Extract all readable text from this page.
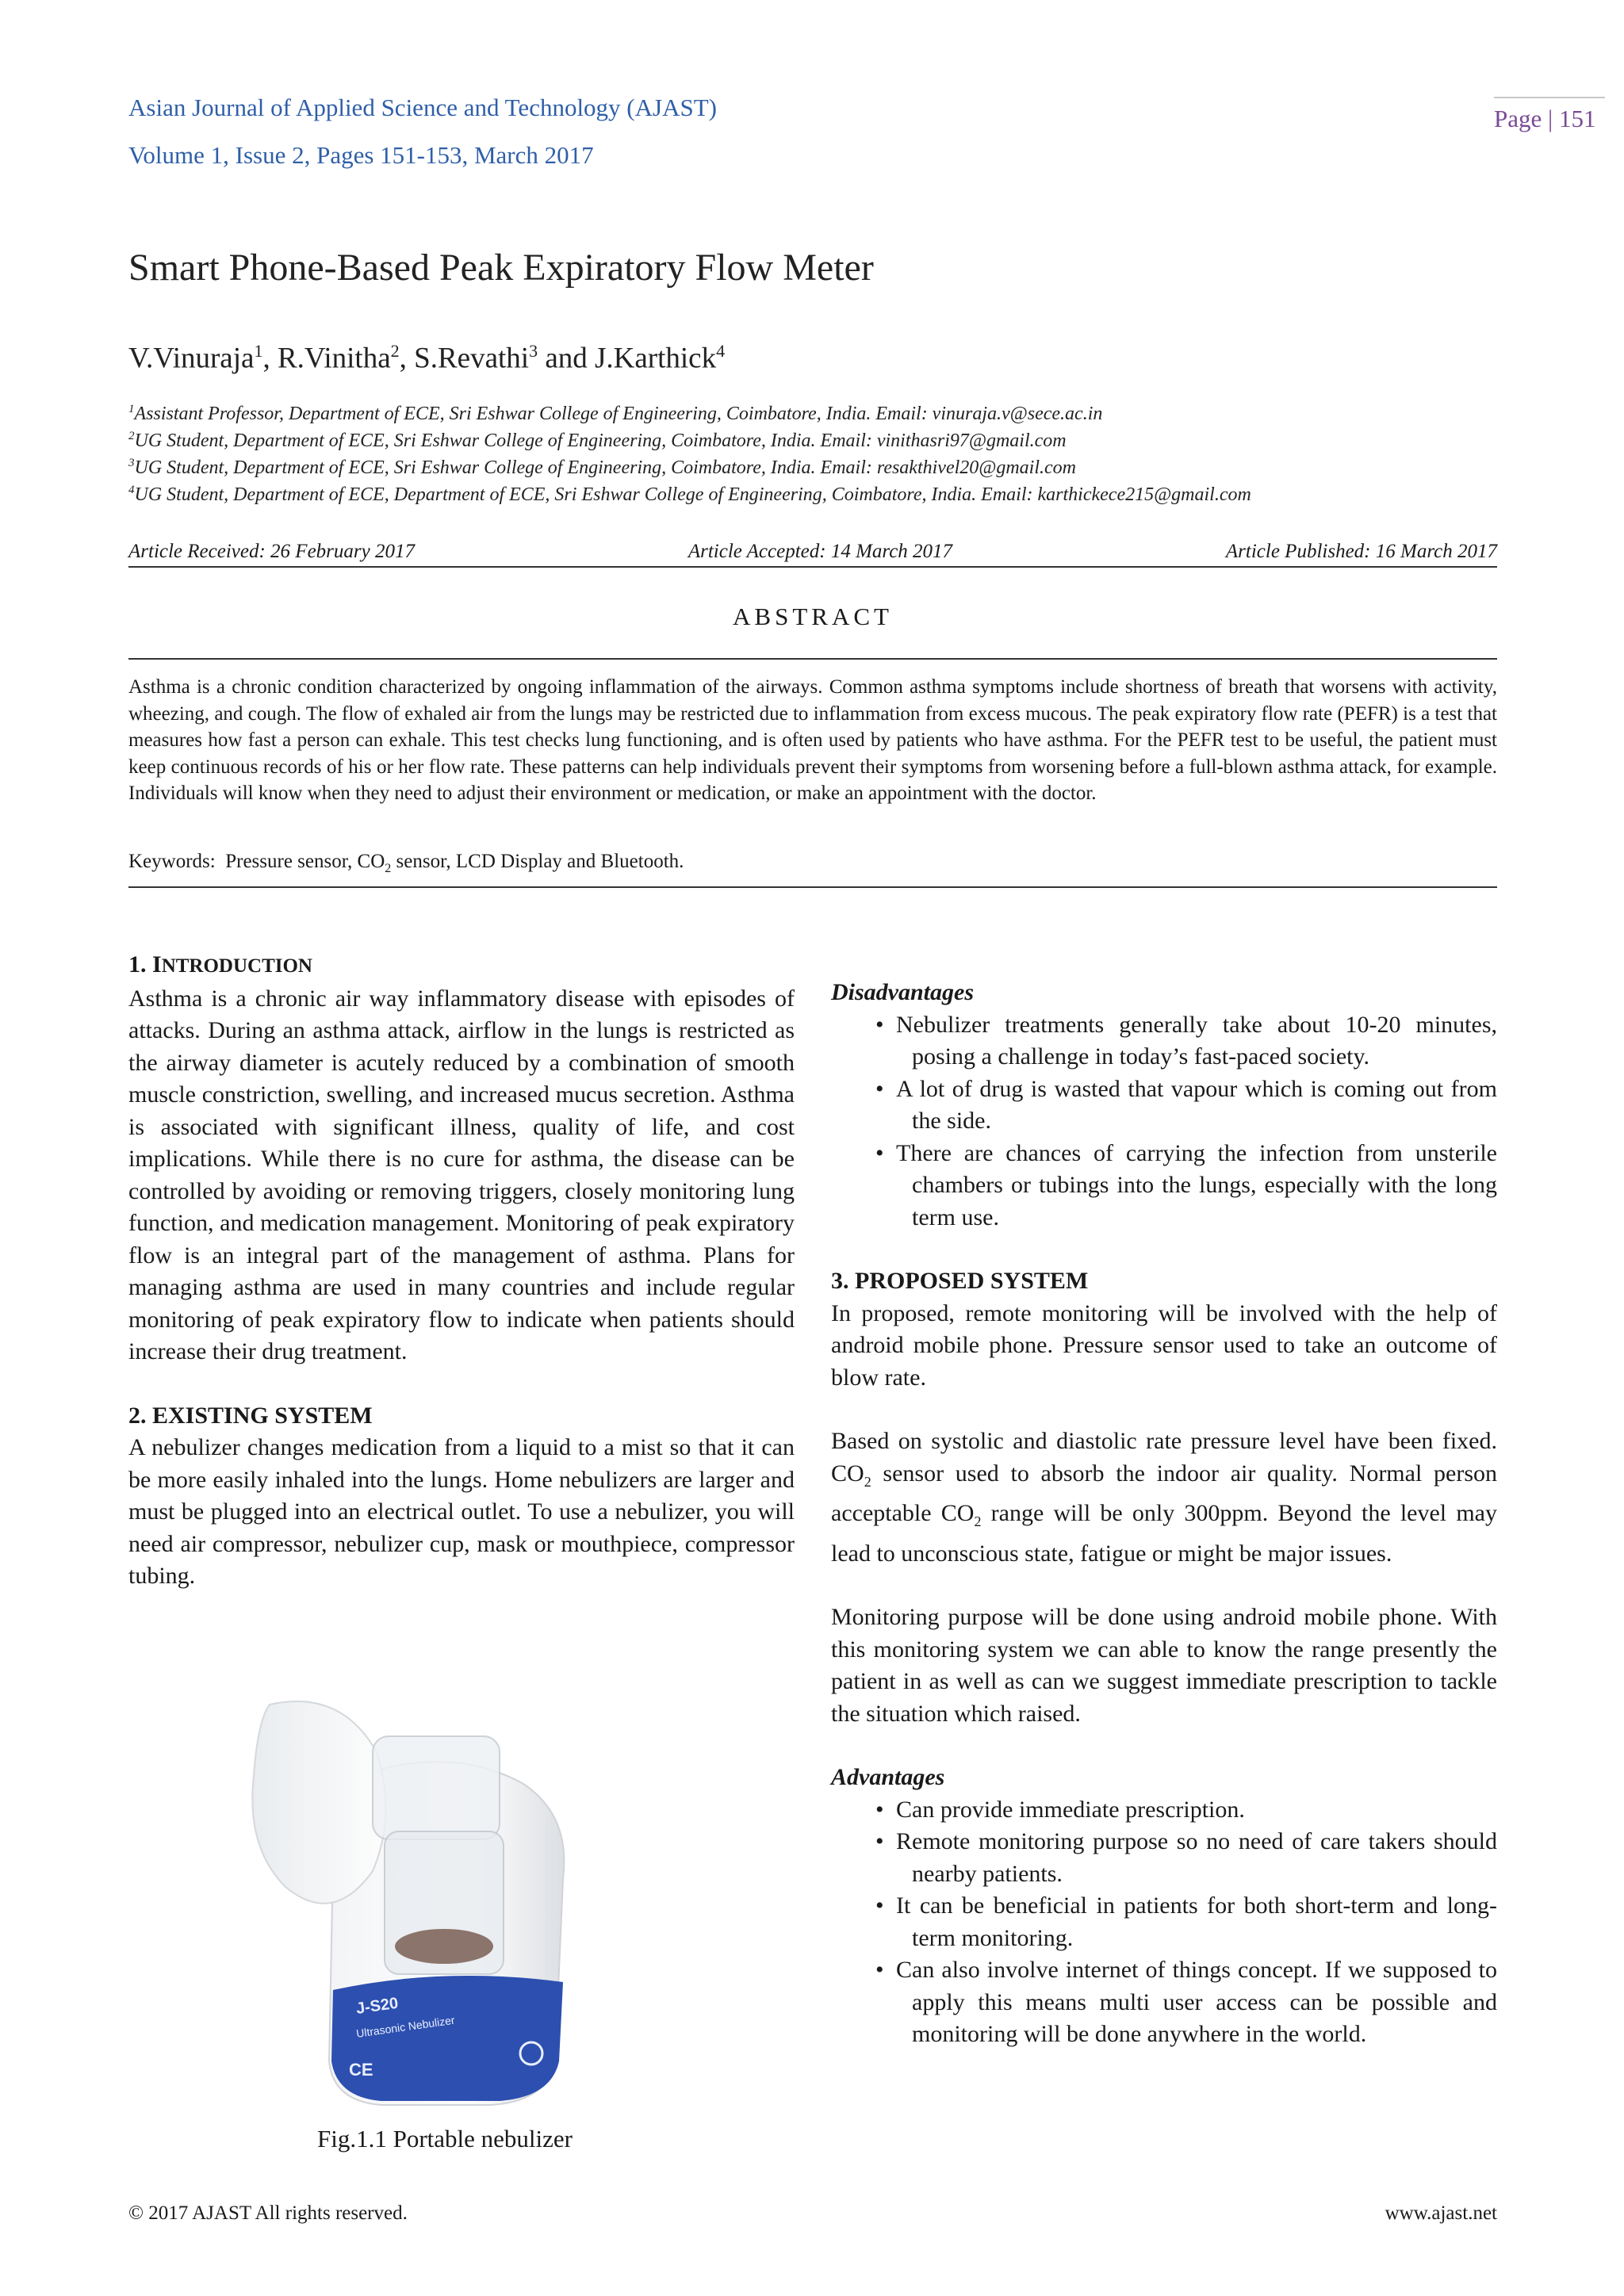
Asian Journal of Applied Science and Technology (AJAST)
Volume 1, Issue 2, Pages 151-153, March 2017
Page | 151
Smart Phone-Based Peak Expiratory Flow Meter
V.Vinuraja$^1$, R.Vinitha$^2$, S.Revathi$^3$ and J.Karthick$^4$
$^1$Assistant Professor, Department of ECE, Sri Eshwar College of Engineering, Coimbatore, India. Email: vinuraja.v@sece.ac.in
$^2$UG Student, Department of ECE, Sri Eshwar College of Engineering, Coimbatore, India. Email: vinithasri97@gmail.com
$^3$UG Student, Department of ECE, Sri Eshwar College of Engineering, Coimbatore, India. Email: resakthivel20@gmail.com
$^4$UG Student, Department of ECE, Department of ECE, Sri Eshwar College of Engineering, Coimbatore, India. Email: karthickece215@gmail.com
Article Received: 26 February 2017	Article Accepted: 14 March 2017	Article Published: 16 March 2017
ABSTRACT
Asthma is a chronic condition characterized by ongoing inflammation of the airways. Common asthma symptoms include shortness of breath that worsens with activity, wheezing, and cough. The flow of exhaled air from the lungs may be restricted due to inflammation from excess mucous. The peak expiratory flow rate (PEFR) is a test that measures how fast a person can exhale. This test checks lung functioning, and is often used by patients who have asthma. For the PEFR test to be useful, the patient must keep continuous records of his or her flow rate. These patterns can help individuals prevent their symptoms from worsening before a full-blown asthma attack, for example. Individuals will know when they need to adjust their environment or medication, or make an appointment with the doctor.
Keywords: Pressure sensor, $CO_2$ sensor, LCD Display and Bluetooth.

1. INTRODUCTION

Asthma is a chronic air way inflammatory disease with episodes of attacks. During an asthma attack, airflow in the lungs is restricted as the airway diameter is acutely reduced by a combination of smooth muscle constriction, swelling, and increased mucus secretion. Asthma is associated with significant illness, quality of life, and cost implications. While there is no cure for asthma, the disease can be controlled by avoiding or removing triggers, closely monitoring lung function, and medication management. Monitoring of peak expiratory flow is an integral part of the management of asthma. Plans for managing asthma are used in many countries and include regular monitoring of peak expiratory flow to indicate when patients should increase their drug treatment.

2. EXISTING SYSTEM

A nebulizer changes medication from a liquid to a mist so that it can be more easily inhaled into the lungs. Home nebulizers are larger and must be plugged into an electrical outlet. To use a nebulizer, you will need air compressor, nebulizer cup, mask or mouthpiece, compressor tubing.

J-S20
Ultrasonic Nebulizer
CE
Fig.1.1 Portable nebulizer

Disadvantages

• Nebulizer treatments generally take about 10-20 minutes, posing a challenge in today’s fast-paced society.
• A lot of drug is wasted that vapour which is coming out from the side.
• There are chances of carrying the infection from unsterile chambers or tubings into the lungs, especially with the long term use.

3. PROPOSED SYSTEM

In proposed, remote monitoring will be involved with the help of android mobile phone. Pressure sensor used to take an outcome of blow rate.

Based on systolic and diastolic rate pressure level have been fixed. $CO_2$ sensor used to absorb the indoor air quality. Normal person acceptable $CO_2$ range will be only 300ppm. Beyond the level may lead to unconscious state, fatigue or might be major issues.

Monitoring purpose will be done using android mobile phone. With this monitoring system we can able to know the range presently the patient in as well as can we suggest immediate prescription to tackle the situation which raised.

Advantages

• Can provide immediate prescription.
• Remote monitoring purpose so no need of care takers should nearby patients.
• It can be beneficial in patients for both short-term and long-term monitoring.
• Can also involve internet of things concept. If we supposed to apply this means multi user access can be possible and monitoring will be done anywhere in the world.
© 2017 AJAST All rights reserved.	www.ajast.net
